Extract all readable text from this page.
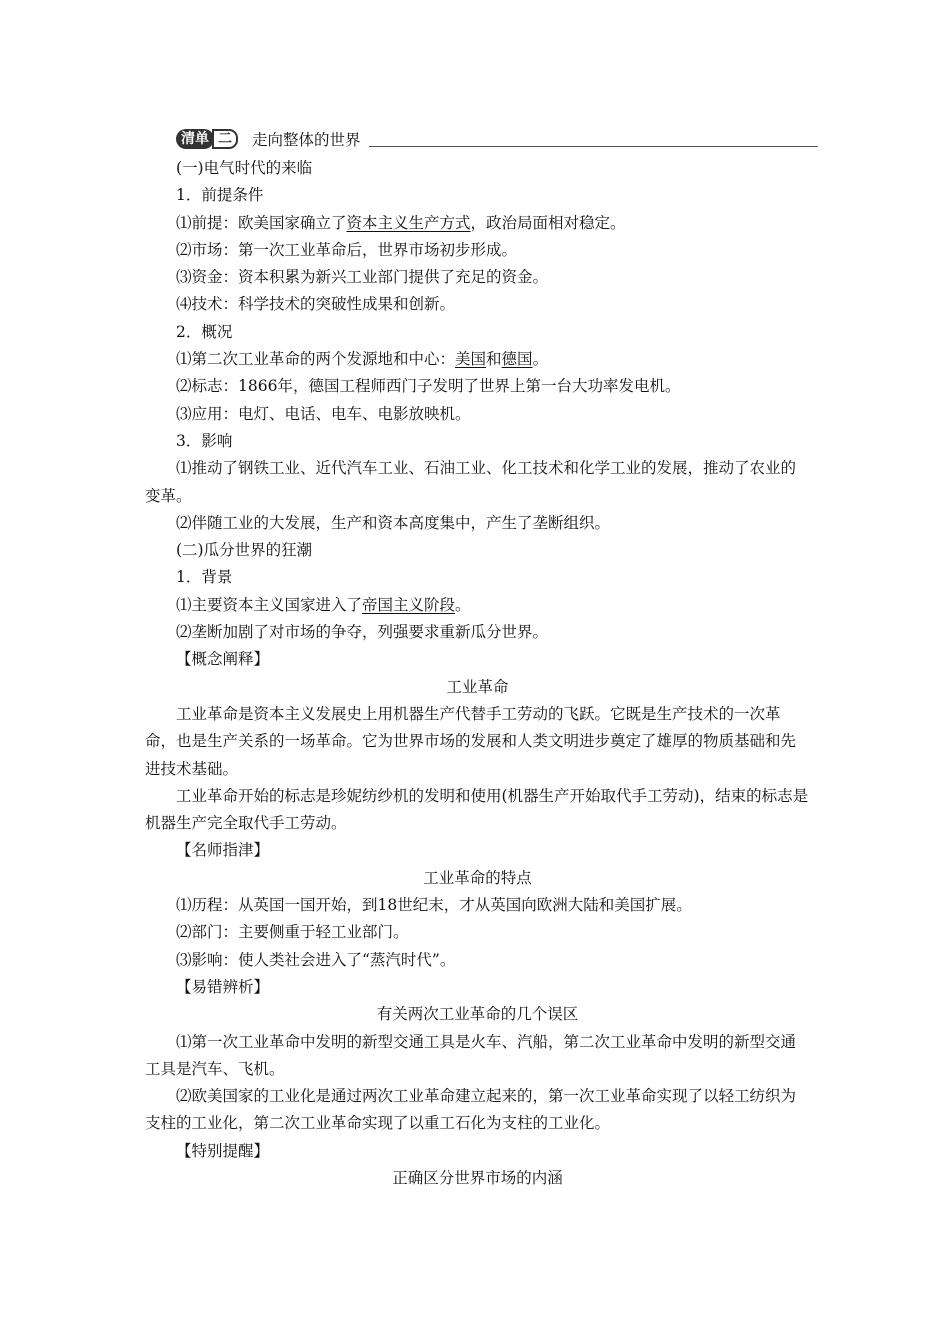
清单 二	走向整体的世界
(一)电气时代的来临
1．前提条件
⑴前提：欧美国家确立了资本主义生产方式，政治局面相对稳定。
⑵市场：第一次工业革命后，世界市场初步形成。
⑶资金：资本积累为新兴工业部门提供了充足的资金。
⑷技术：科学技术的突破性成果和创新。
2．概况
⑴第二次工业革命的两个发源地和中心：美国和德国。
⑵标志：1866年，德国工程师西门子发明了世界上第一台大功率发电机。
⑶应用：电灯、电话、电车、电影放映机。
3．影响
⑴推动了钢铁工业、近代汽车工业、石油工业、化工技术和化学工业的发展，推动了农业的变革。
⑵伴随工业的大发展，生产和资本高度集中，产生了垄断组织。
(二)瓜分世界的狂潮
1．背景
⑴主要资本主义国家进入了帝国主义阶段。
⑵垄断加剧了对市场的争夺，列强要求重新瓜分世界。
【概念阐释】
工业革命
工业革命是资本主义发展史上用机器生产代替手工劳动的飞跃。它既是生产技术的一次革命，也是生产关系的一场革命。它为世界市场的发展和人类文明进步奠定了雄厚的物质基础和先进技术基础。
工业革命开始的标志是珍妮纺纱机的发明和使用(机器生产开始取代手工劳动)，结束的标志是机器生产完全取代手工劳动。
【名师指津】
工业革命的特点
⑴历程：从英国一国开始，到18世纪末，才从英国向欧洲大陆和美国扩展。
⑵部门：主要侧重于轻工业部门。
⑶影响：使人类社会进入了“蒸汽时代”。
【易错辨析】
有关两次工业革命的几个误区
⑴第一次工业革命中发明的新型交通工具是火车、汽船，第二次工业革命中发明的新型交通工具是汽车、飞机。
⑵欧美国家的工业化是通过两次工业革命建立起来的，第一次工业革命实现了以轻工纺织为支柱的工业化，第二次工业革命实现了以重工石化为支柱的工业化。
【特别提醒】
正确区分世界市场的内涵
